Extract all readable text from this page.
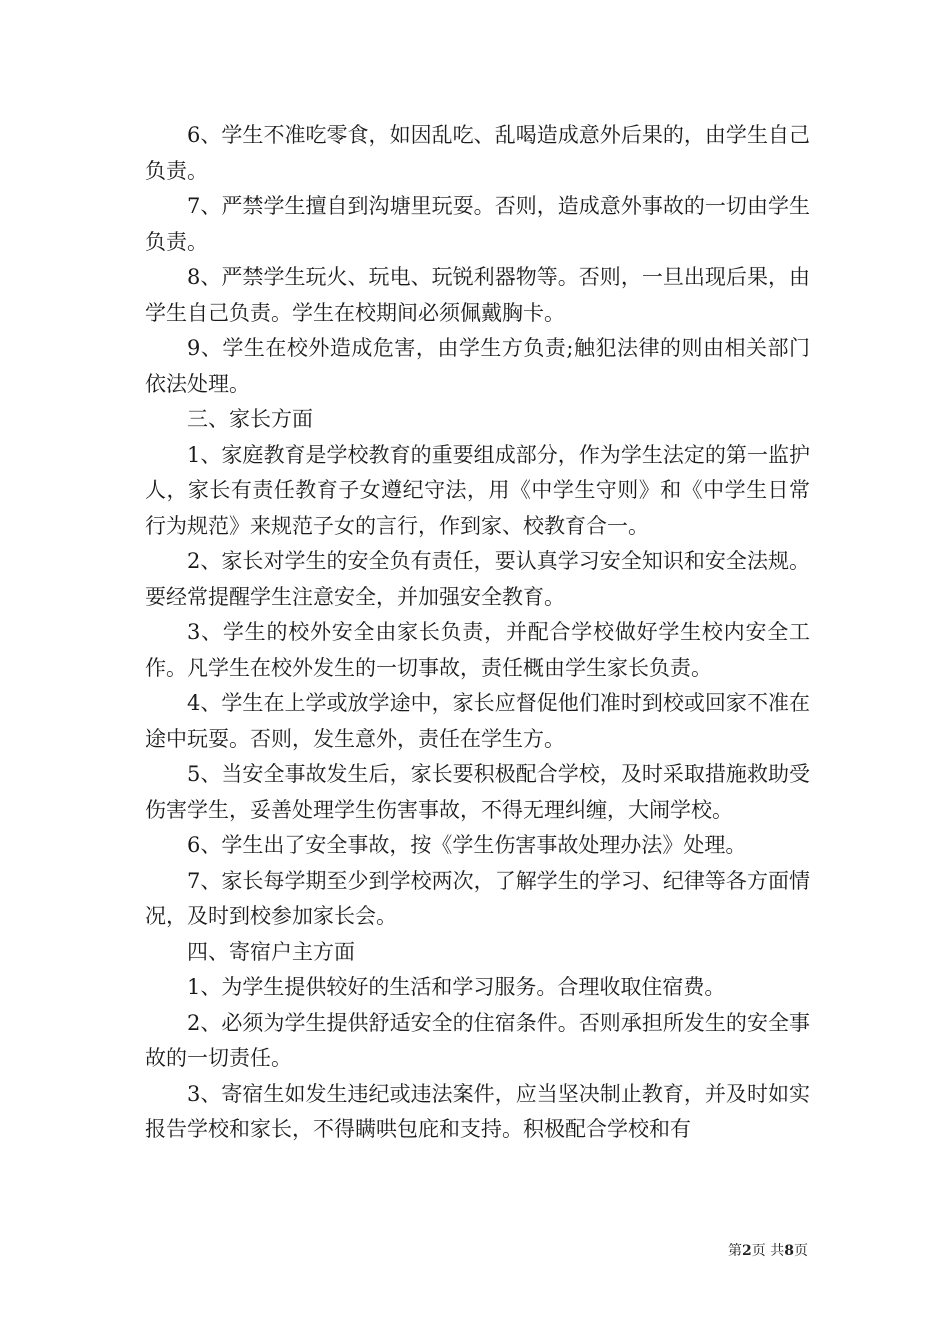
6、学生不准吃零食，如因乱吃、乱喝造成意外后果的，由学生自己负责。

7、严禁学生擅自到沟塘里玩耍。否则，造成意外事故的一切由学生负责。

8、严禁学生玩火、玩电、玩锐利器物等。否则，一旦出现后果，由学生自己负责。学生在校期间必须佩戴胸卡。

9、学生在校外造成危害，由学生方负责;触犯法律的则由相关部门依法处理。

三、家长方面

1、家庭教育是学校教育的重要组成部分，作为学生法定的第一监护人，家长有责任教育子女遵纪守法，用《中学生守则》和《中学生日常行为规范》来规范子女的言行，作到家、校教育合一。

2、家长对学生的安全负有责任，要认真学习安全知识和安全法规。要经常提醒学生注意安全，并加强安全教育。

3、学生的校外安全由家长负责，并配合学校做好学生校内安全工作。凡学生在校外发生的一切事故，责任概由学生家长负责。

4、学生在上学或放学途中，家长应督促他们准时到校或回家不准在途中玩耍。否则，发生意外，责任在学生方。

5、当安全事故发生后，家长要积极配合学校，及时采取措施救助受伤害学生，妥善处理学生伤害事故，不得无理纠缠，大闹学校。

6、学生出了安全事故，按《学生伤害事故处理办法》处理。

7、家长每学期至少到学校两次，了解学生的学习、纪律等各方面情况，及时到校参加家长会。

四、寄宿户主方面

1、为学生提供较好的生活和学习服务。合理收取住宿费。

2、必须为学生提供舒适安全的住宿条件。否则承担所发生的安全事故的一切责任。

3、寄宿生如发生违纪或违法案件，应当坚决制止教育，并及时如实报告学校和家长，不得瞒哄包庇和支持。积极配合学校和有

第2页 共8页
